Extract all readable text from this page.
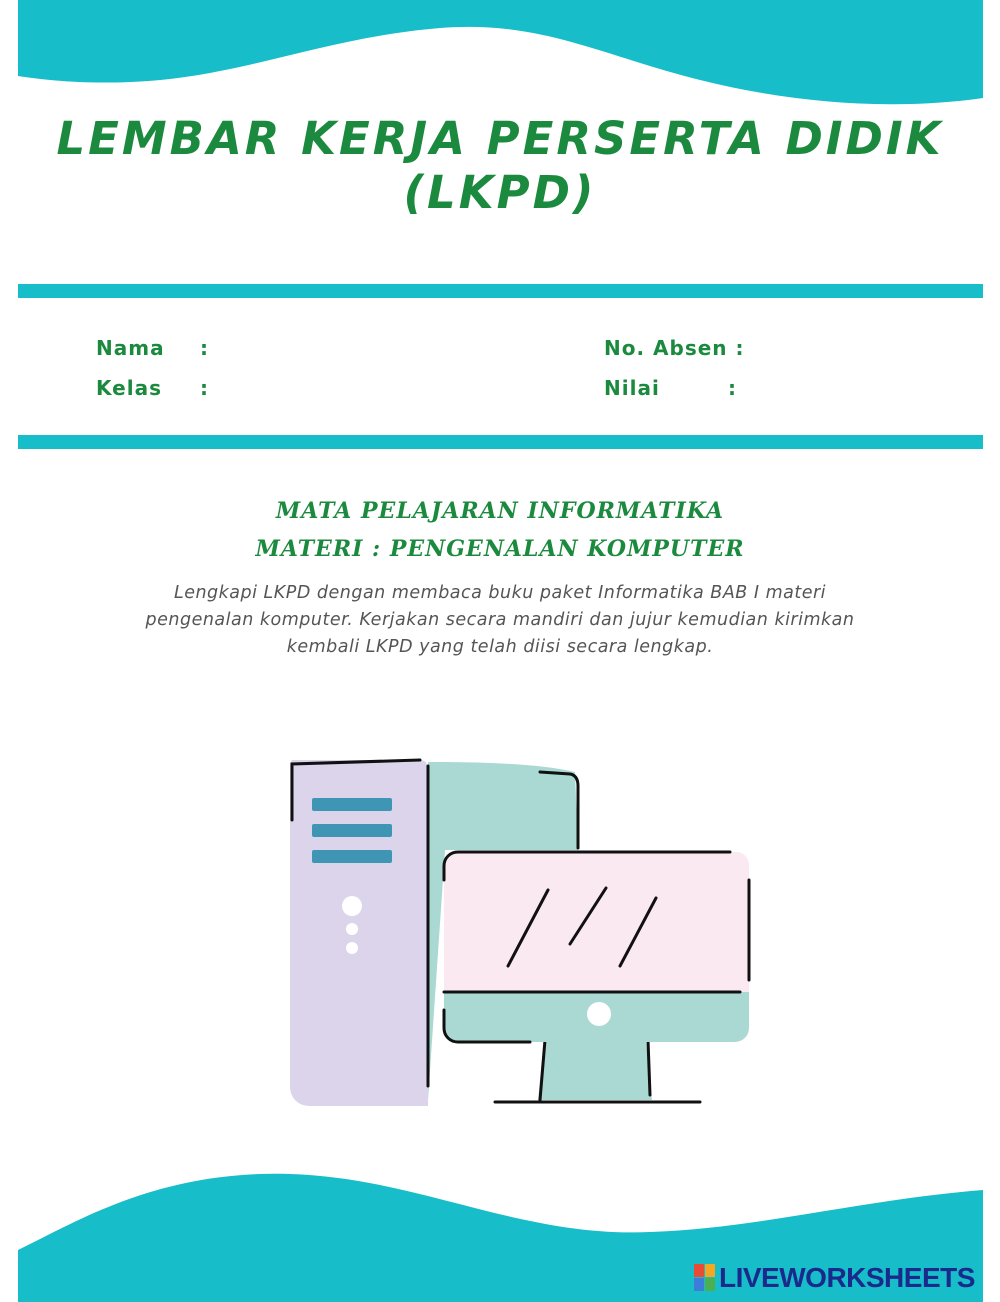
LEMBAR KERJA PERSERTA DIDIK
(LKPD)
Nama :
Kelas :
No. Absen :
Nilai	:
MATA PELAJARAN INFORMATIKA
MATERI : PENGENALAN KOMPUTER

Lengkapi LKPD dengan membaca buku paket Informatika BAB I materi
pengenalan komputer. Kerjakan secara mandiri dan jujur kemudian kirimkan
kembali LKPD yang telah diisi secara lengkap.

LIVEWORKSHEETS
